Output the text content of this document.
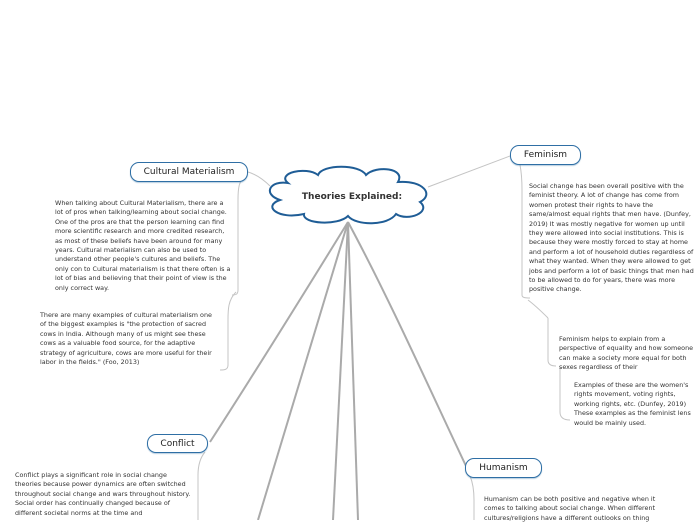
Theories Explained:
Cultural Materialism
Feminism
Conflict
Humanism
When talking about Cultural Materialism, there are a lot of pros when talking/learning about social change. One of the pros are that the person learning can find more scientific research and more credited research, as most of these beliefs have been around for many years. Cultural materialism can also be used to understand other people's cultures and beliefs. The only con to Cultural materialism is that there often is a lot of bias and believing that their point of view is the only correct way.
There are many examples of cultural materialism one of the biggest examples is "the protection of sacred cows in India. Although many of us might see these cows as a valuable food source, for the adaptive strategy of agriculture, cows are more useful for their labor in the fields." (Foo, 2013)
Social change has been overall positive with the feminist theory. A lot of change has come from women protest their rights to have the same/almost equal rights that men have. (Dunfey, 2019) It was mostly negative for women up until they were allowed into social institutions. This is because they were mostly forced to stay at home and perform a lot of household duties regardless of what they wanted. When they were allowed to get jobs and perform a lot of basic things that men had to be allowed to do for years, there was more positive change.
Feminism helps to explain from a perspective of equality and how someone can make a society more equal for both sexes regardless of their
Examples of these are the women's rights movement, voting rights, working rights, etc. (Dunfey, 2019) These examples as the feminist lens would be mainly used.
Conflict plays a significant role in social change theories because power dynamics are often switched throughout social change and wars throughout history. Social order has continually changed because of different societal norms at the time and
Humanism can be both positive and negative when it comes to talking about social change. When different cultures/religions have a different outlooks on thing
